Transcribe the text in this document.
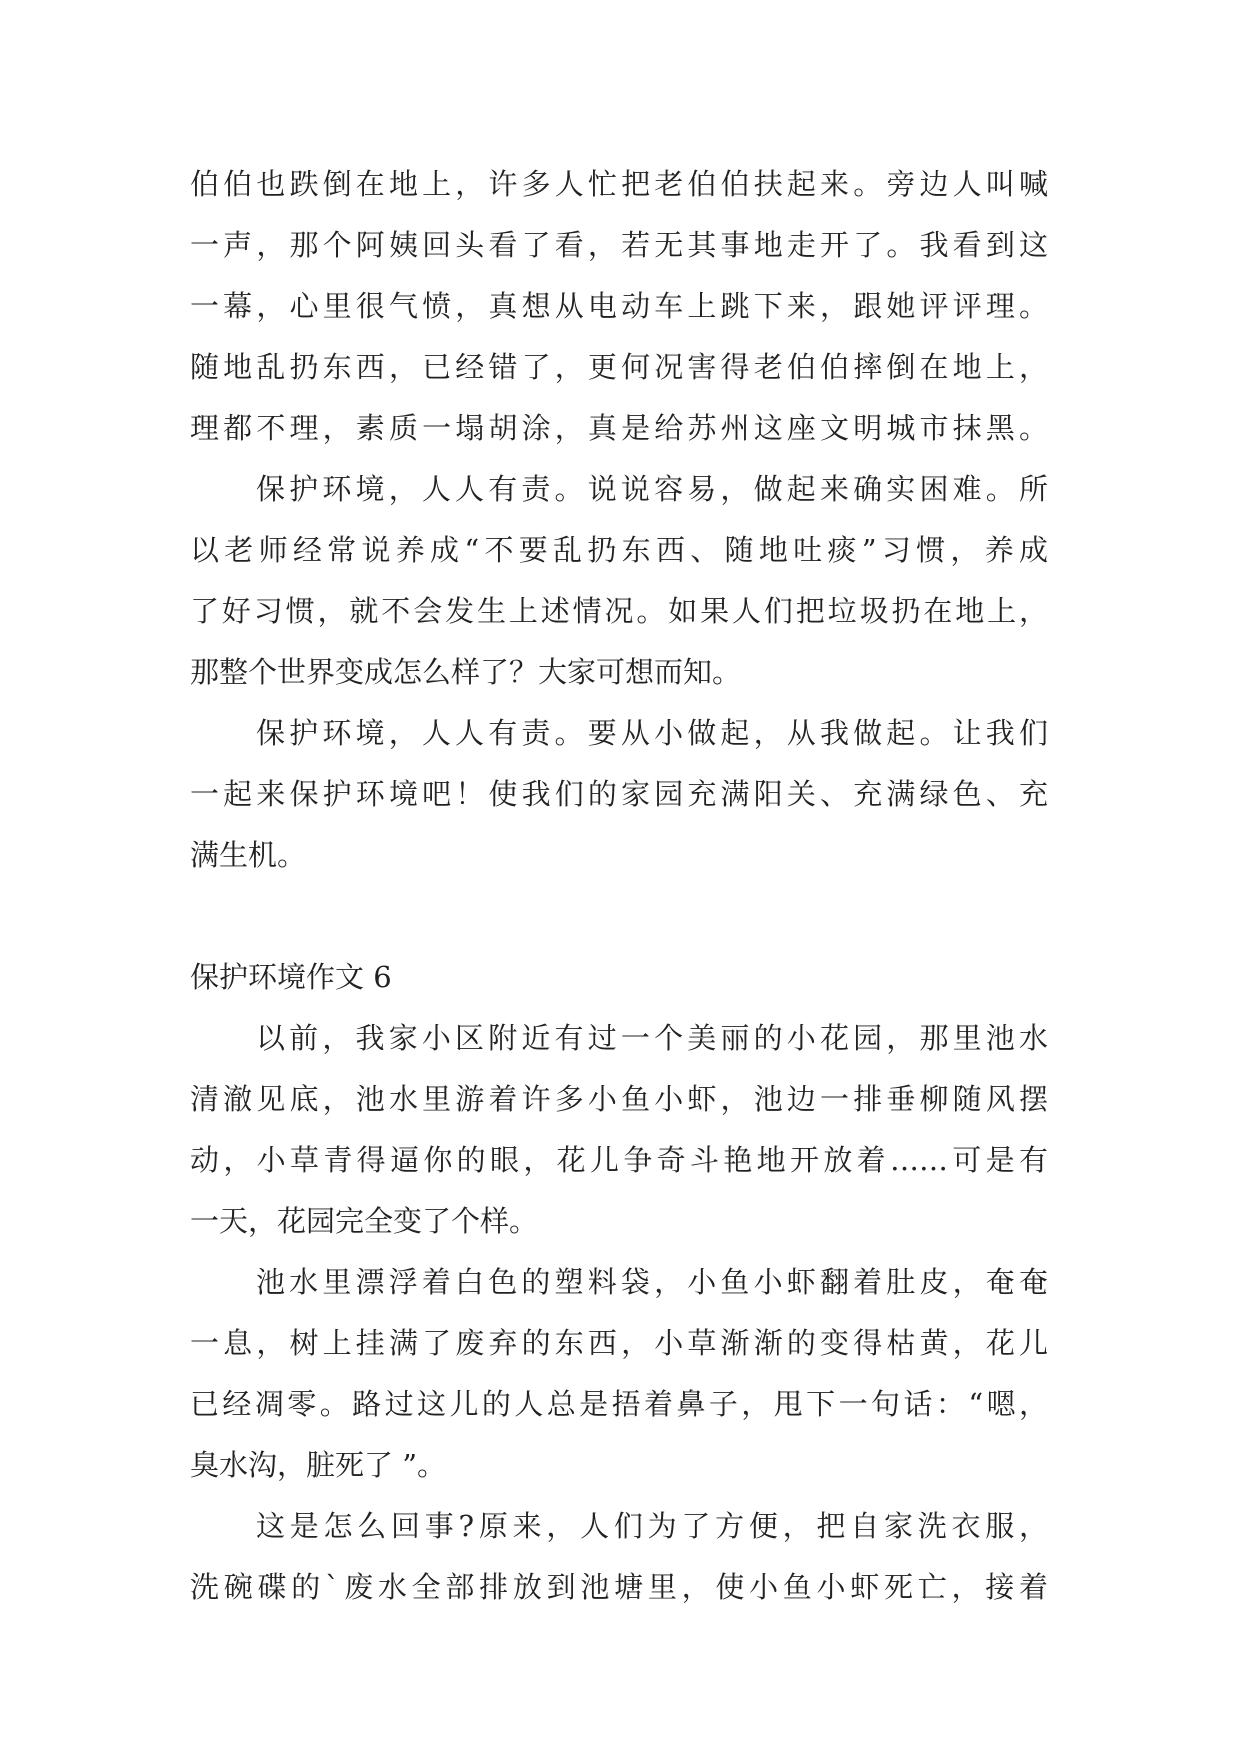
伯伯也跌倒在地上，许多人忙把老伯伯扶起来。旁边人叫喊
一声，那个阿姨回头看了看，若无其事地走开了。我看到这
一幕，心里很气愤，真想从电动车上跳下来，跟她评评理。
随地乱扔东西，已经错了，更何况害得老伯伯摔倒在地上，
理都不理，素质一塌胡涂，真是给苏州这座文明城市抹黑。
保护环境，人人有责。说说容易，做起来确实困难。所
以老师经常说养成“不要乱扔东西、随地吐痰”习惯，养成
了好习惯，就不会发生上述情况。如果人们把垃圾扔在地上，
那整个世界变成怎么样了？大家可想而知。
保护环境，人人有责。要从小做起，从我做起。让我们
一起来保护环境吧！使我们的家园充满阳关、充满绿色、充
满生机。
保护环境作文 6
以前，我家小区附近有过一个美丽的小花园，那里池水
清澈见底，池水里游着许多小鱼小虾，池边一排垂柳随风摆
动，小草青得逼你的眼，花儿争奇斗艳地开放着……可是有
一天，花园完全变了个样。
池水里漂浮着白色的塑料袋，小鱼小虾翻着肚皮，奄奄
一息，树上挂满了废弃的东西，小草渐渐的变得枯黄，花儿
已经凋零。路过这儿的人总是捂着鼻子，甩下一句话：“嗯，
臭水沟，脏死了 ”。
这是怎么回事?原来，人们为了方便，把自家洗衣服，
洗碗碟的`废水全部排放到池塘里，使小鱼小虾死亡，接着
